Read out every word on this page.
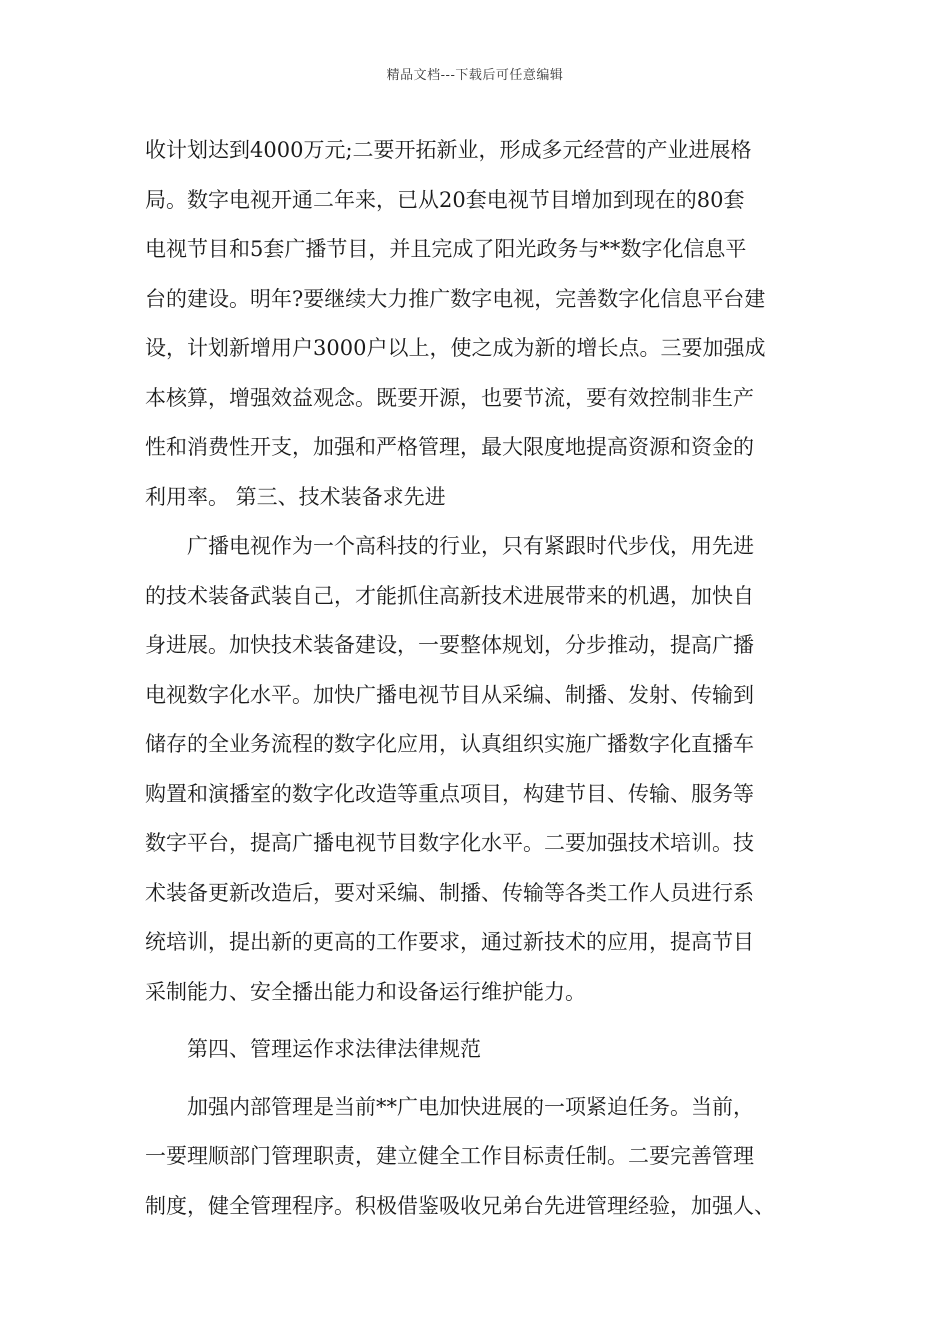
精品文档---下载后可任意编辑
收计划达到4000万元;二要开拓新业，形成多元经营的产业进展格
局。数字电视开通二年来，已从20套电视节目增加到现在的80套
电视节目和5套广播节目，并且完成了阳光政务与**数字化信息平
台的建设。明年?要继续大力推广数字电视，完善数字化信息平台建
设，计划新增用户3000户以上，使之成为新的增长点。三要加强成
本核算，增强效益观念。既要开源，也要节流，要有效控制非生产
性和消费性开支，加强和严格管理，最大限度地提高资源和资金的
利用率。 第三、技术装备求先进
广播电视作为一个高科技的行业，只有紧跟时代步伐，用先进
的技术装备武装自己，才能抓住高新技术进展带来的机遇，加快自
身进展。加快技术装备建设，一要整体规划，分步推动，提高广播
电视数字化水平。加快广播电视节目从采编、制播、发射、传输到
储存的全业务流程的数字化应用，认真组织实施广播数字化直播车
购置和演播室的数字化改造等重点项目，构建节目、传输、服务等
数字平台，提高广播电视节目数字化水平。二要加强技术培训。技
术装备更新改造后，要对采编、制播、传输等各类工作人员进行系
统培训，提出新的更高的工作要求，通过新技术的应用，提高节目
采制能力、安全播出能力和设备运行维护能力。
第四、管理运作求法律法律规范
加强内部管理是当前**广电加快进展的一项紧迫任务。当前，
一要理顺部门管理职责，建立健全工作目标责任制。二要完善管理
制度，健全管理程序。积极借鉴吸收兄弟台先进管理经验，加强人、
